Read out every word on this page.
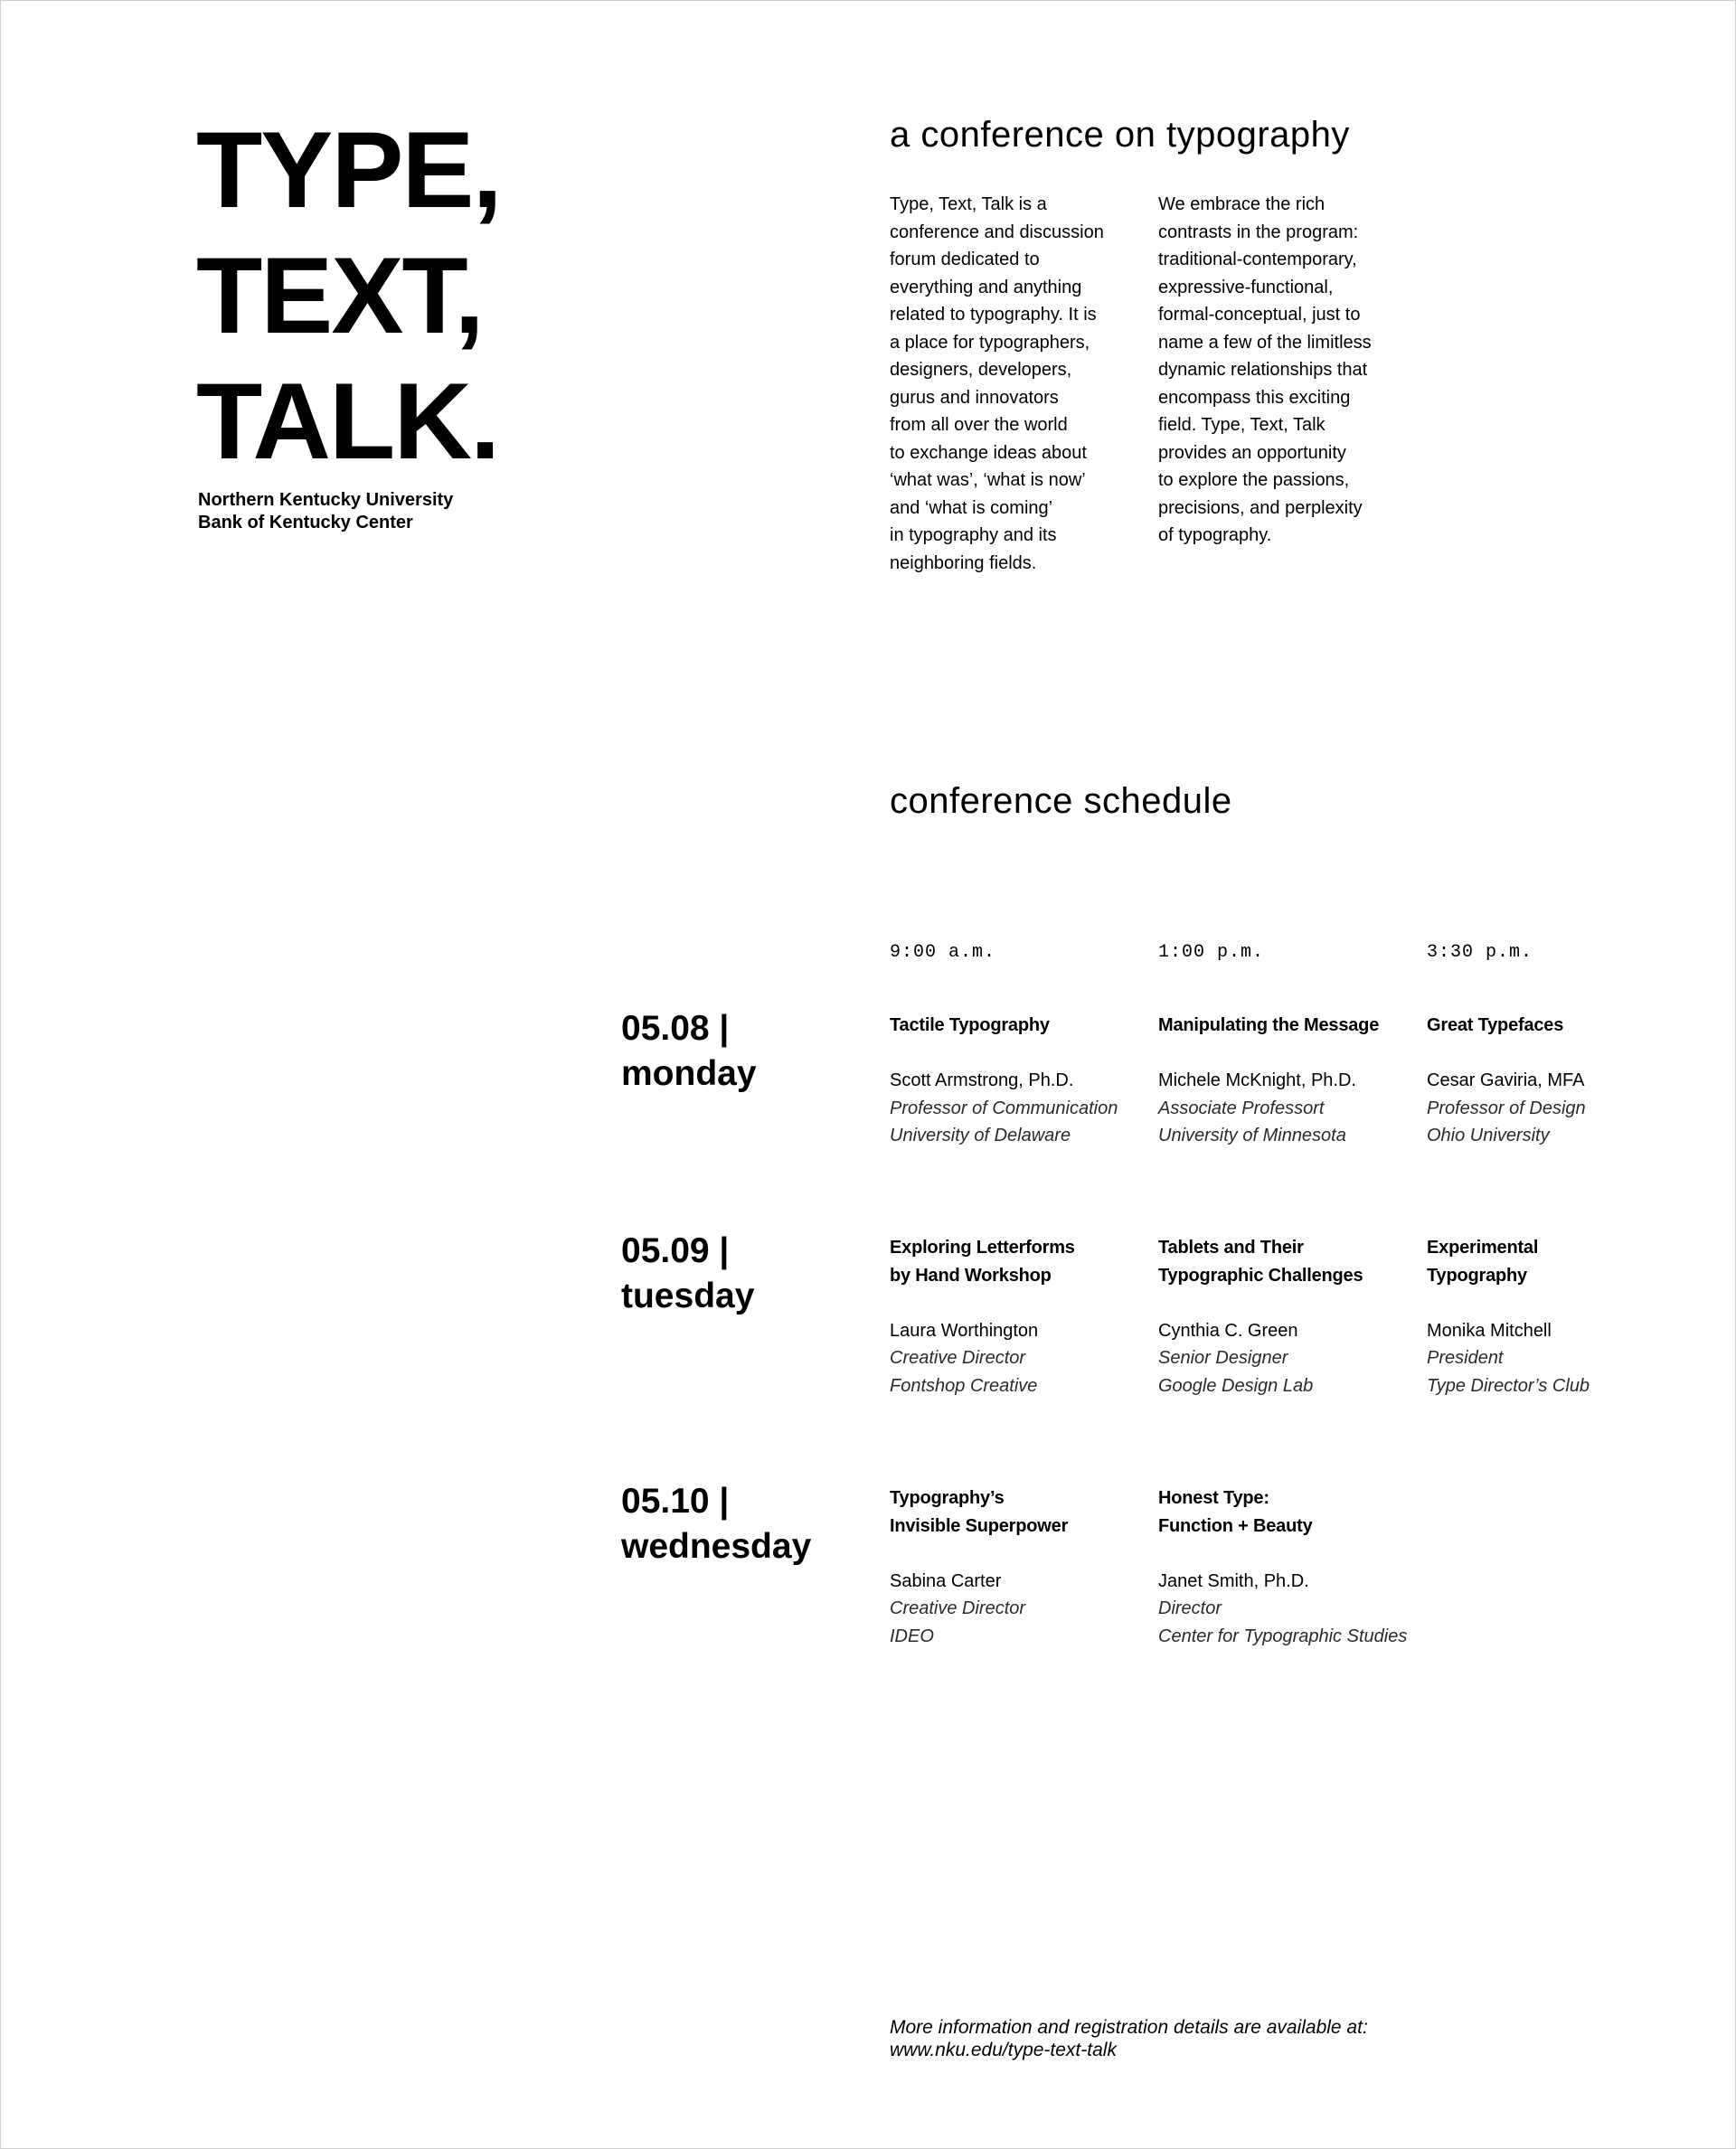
TYPE,
TEXT,
TALK.
Northern Kentucky University
Bank of Kentucky Center
a conference on typography
Type, Text, Talk is a
conference and discussion
forum dedicated to
everything and anything
related to typography. It is
a place for typographers,
designers, developers,
gurus and innovators
from all over the world
to exchange ideas about
‘what was’, ‘what is now’
and ‘what is coming’
in typography and its
neighboring fields.
We embrace the rich
contrasts in the program:
traditional-contemporary,
expressive-functional,
formal-conceptual, just to
name a few of the limitless
dynamic relationships that
encompass this exciting
field. Type, Text, Talk
provides an opportunity
to explore the passions,
precisions, and perplexity
of typography.
conference schedule
9:00 a.m.	1:00 p.m.	3:30 p.m.
05.08 |
monday
Tactile Typography
Scott Armstrong, Ph.D.
Professor of Communication
University of Delaware
Manipulating the Message
Michele McKnight, Ph.D.
Associate Professort
University of Minnesota
Great Typefaces
Cesar Gaviria, MFA
Professor of Design
Ohio University
05.09 |
tuesday
Exploring Letterforms
by Hand Workshop
Laura Worthington
Creative Director
Fontshop Creative
Tablets and Their
Typographic Challenges
Cynthia C. Green
Senior Designer
Google Design Lab
Experimental
Typography
Monika Mitchell
President
Type Director’s Club
05.10 |
wednesday
Typography’s
Invisible Superpower
Sabina Carter
Creative Director
IDEO
Honest Type:
Function + Beauty
Janet Smith, Ph.D.
Director
Center for Typographic Studies
More information and registration details are available at:
www.nku.edu/type-text-talk
